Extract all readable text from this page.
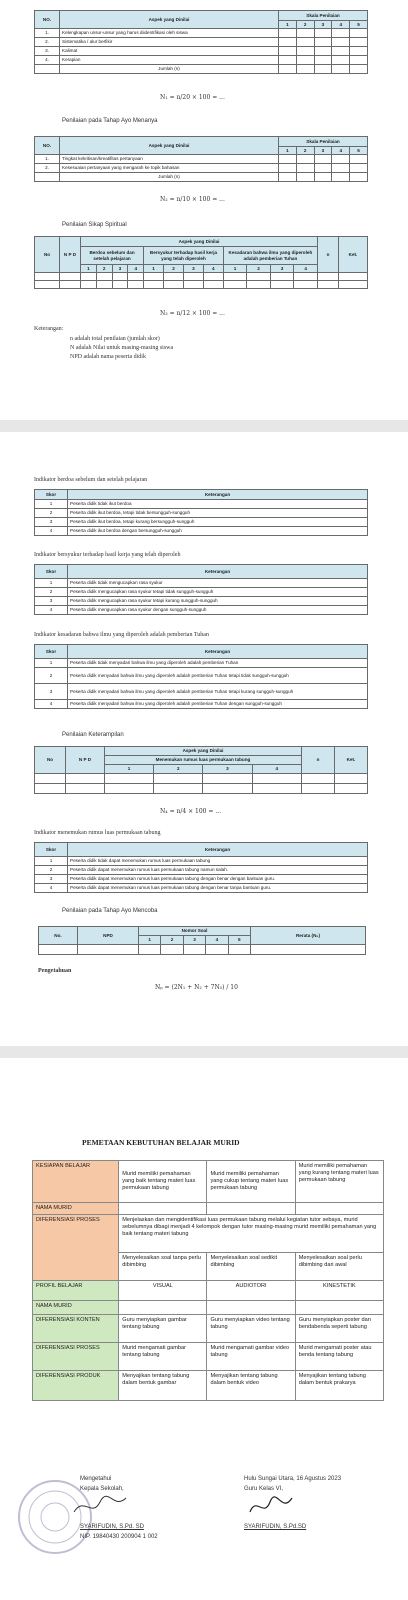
NO.	Aspek yang Dinilai	Skala Penilaian				
		1	2	3	4	5
1.	Kelengkapan unsur-unsur yang harus diidentifikasi oleh siswa					
2.	Sistematika / alur berfikir					
3.	Kalimat					
4.	Kerapian					
	Jumlah (n)					
N₁ = n/20 × 100 = ...
Penilaian pada Tahap Ayo Menanya
NO.	Aspek yang Dinilai	Skala Penilaian				
		1	2	3	4	5
1.	Tingkat kekritisan/kreatifitas pertanyaan					
2.	Kesesuaian pertanyaan yang mengarah ke topik bahasan					
	Jumlah (n)					
N₂ = n/10 × 100 = ...
Penilaian Sikap Spiritual
No	N P D	Aspek yang Dinilai												n	Ket.
		Berdoa sebelum dan setelah pelajaran				Bersyukur terhadap hasil kerja yang telah diperoleh				Kesadaran bahwa ilmu yang diperoleh adalah pemberian Tuhan					
		1	2	3	4	1	2	3	4	1	2	3	4		

N₃ = n/12 × 100 = ...
Keterangan:
n adalah total penilaian (jumlah skor)
N adalah Nilai untuk masing-masing siswa
NPD adalah nama peserta didik
Indikator berdoa sebelum dan setelah pelajaran
Skor	Keterangan
1	Peserta didik tidak ikut berdoa
2	Peserta didik ikut berdoa, tetapi tidak bersungguh-sungguh
3	Peserta didik ikut berdoa, tetapi kurang bersungguh-sungguh
4	Peserta didik ikut berdoa dengan bersungguh-sungguh
Indikator bersyukur terhadap hasil kerja yang telah diperoleh
Skor	Keterangan
1	Peserta didik tidak mengucapkan rasa syukur
2	Peserta didik mengucapkan rasa syukur tetapi tidak sungguh-sungguh
3	Peserta didik mengucapkan rasa syukur tetapi kurang sungguh-sungguh
4	Peserta didik mengucapkan rasa syukur dengan sungguh-sungguh
Indikator kesadaran bahwa ilmu yang diperoleh adalah pemberian Tuhan
Skor	Keterangan
1	Peserta didik tidak menyadari bahwa ilmu yang diperoleh adalah pemberian Tuhan
2	Peserta didik menyadari bahwa ilmu yang diperoleh adalah pemberian Tuhan tetapi tidak sungguh-sungguh
3	Peserta didik menyadari bahwa ilmu yang diperoleh adalah pemberian Tuhan tetapi kurang sungguh-sungguh
4	Peserta didik menyadari bahwa ilmu yang diperoleh adalah pemberian Tuhan dengan sungguh-sungguh
Penilaian Keterampilan
No	N P D	Aspek yang Dinilai				n	Ket.
		Menemukan rumus luas permukaan tabung					
		1	2	3	4		

N₄ = n/4 × 100 = ...
Indikator menemukan rumus luas permukaan tabung
Skor	Keterangan
1	Peserta didik tidak dapat menemukan rumus luas permukaan tabung
2	Peserta didik dapat menemukan rumus luas permukaan tabung namun salah.
3	Peserta didik dapat menemukan rumus luas permukaan tabung dengan benar dengan bantuan guru.
4	Peserta didik dapat menemukan rumus luas permukaan tabung dengan benar tanpa bantuan guru.
Penilaian pada Tahap Ayo Mencoba
No.	NPD	Nomor Soal					Rerata (N₅)
		1	2	3	4	5	

Pengetahuan
Nₚ = (2N₁ + N₂ + 7N₅) / 10
PEMETAAN KEBUTUHAN BELAJAR MURID
KESIAPAN BELAJAR	Murid memiliki pemahaman yang baik tentang materi luas permukaan tabung	Murid memiliki pemahaman yang cukup tentang materi luas permukaan tabung	Murid memiliki pemahaman yang kurang tentang materi luas permukaan tabung
NAMA MURID			
DIFERENSIASI PROSES	Menjelaskan dan mengidentifikasi luas permukaan tabung melalui kegiatan tutor sebaya, murid sebelumnya dibagi menjadi 4 kelompok dengan tutor masing-masing murid memiliki pemahaman yang baik tentang materi tabung		
	Menyelesaikan soal tanpa perlu dibimbing	Menyelesaikan soal sedikit dibimbing	Menyelesaikan soal perlu dibimbing dari awal
PROFIL BELAJAR	VISUAL	AUDIOTORI	KINESTETIK
NAMA MURID			
DIFERENSIASI KONTEN	Guru menyiapkan gambar tentang tabung	Guru menyiapkan video tentang tabung	Guru menyiapkan poster dan bendabenda seperti tabung
DIFERENSIASI PROSES	Murid mengamati gambar tentang tabung	Murid mengamati gambar video tabung	Murid mengamati poster atau benda tentang tabung
DIFERENSIASI PRODUK	Menyajikan tentang tabung dalam bentuk gambar	Menyajikan tentang tabung dalam bentuk video	Menyajikan tentang tabung dalam bentuk prakarya
Mengetahui
Kepala Sekolah,
SYARIFUDIN, S.Pd. SD
NIP. 19840430 200904 1 002
Hulu Sungai Utara, 16 Agustus 2023
Guru Kelas VI,
SYARIFUDIN, S.Pd.SD
